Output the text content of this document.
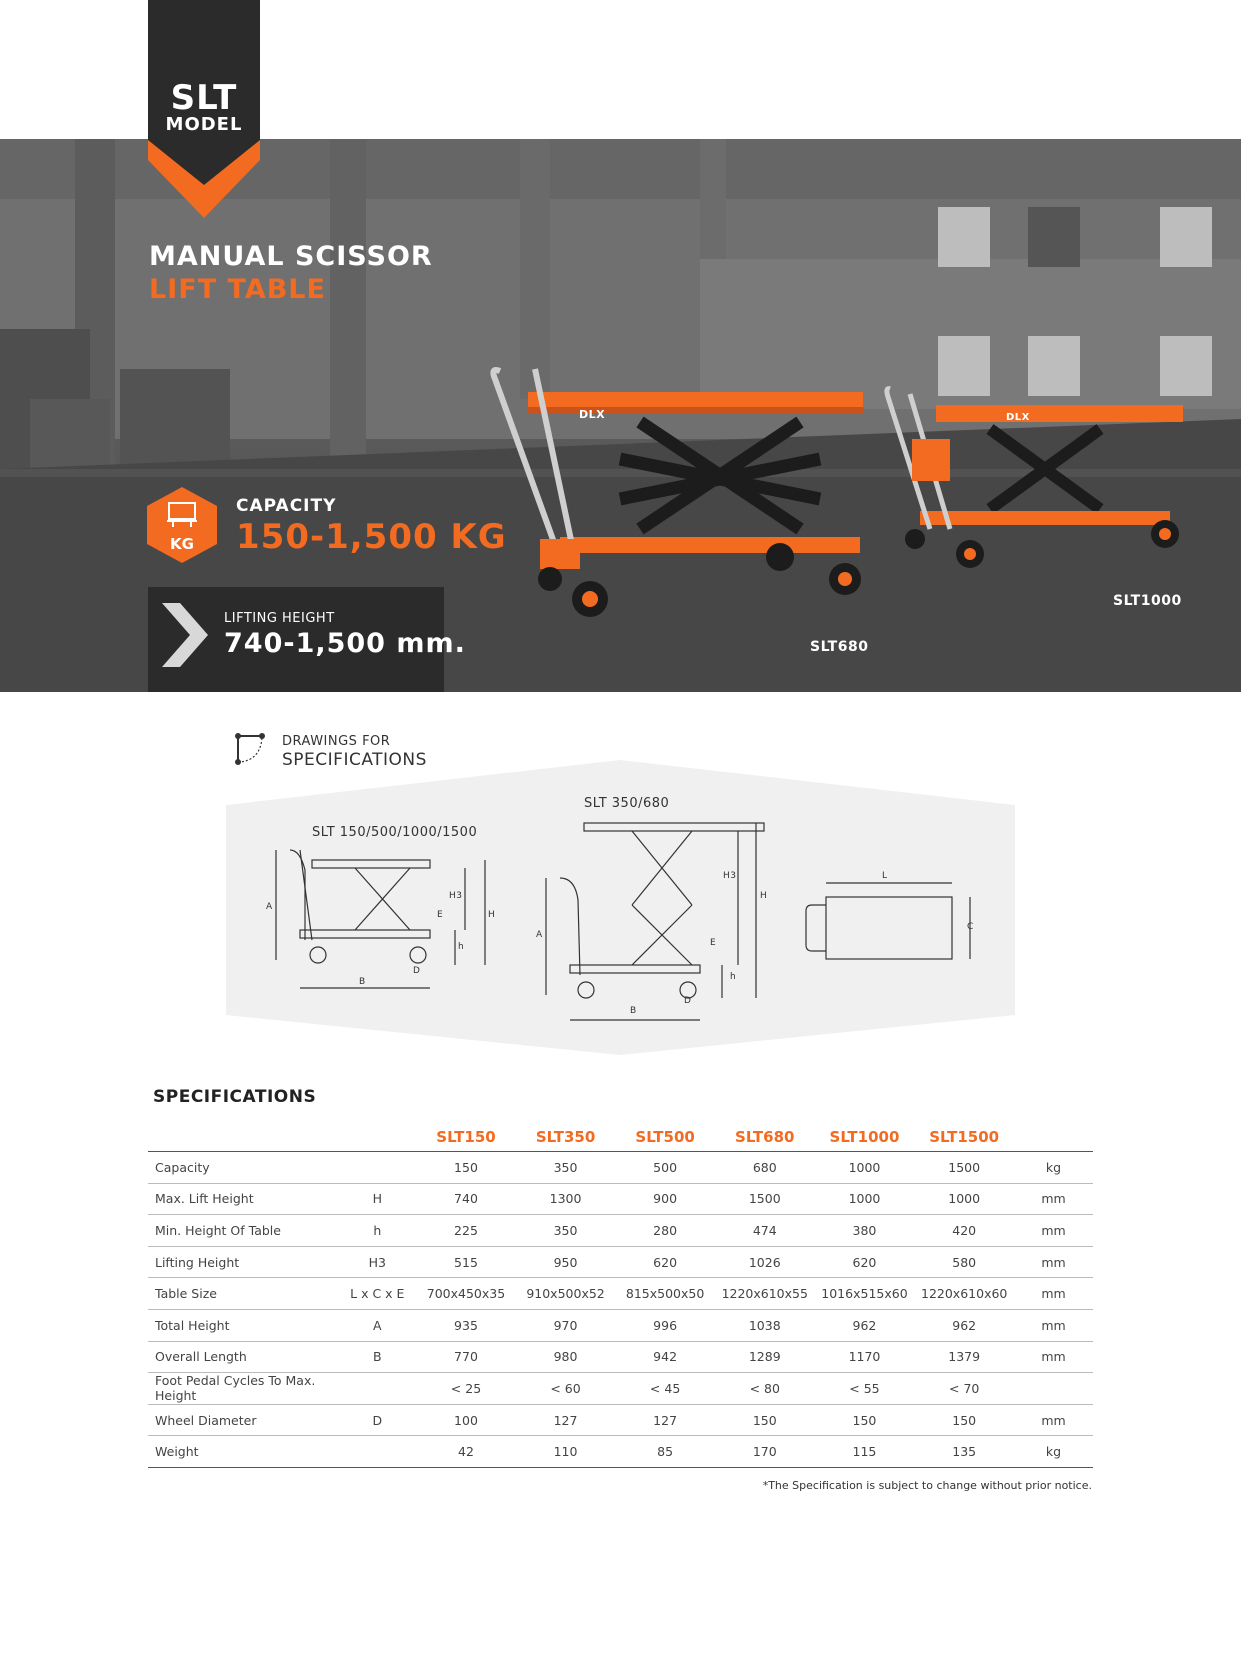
DLX	DLX
SLT
MODEL
MANUAL SCISSOR
LIFT TABLE
KG
CAPACITY
150-1,500 KG
LIFTING HEIGHT
740-1,500 mm.	SLT680
SLT1000
DRAWINGS FOR
SPECIFICATIONS
SLT 150/500/1000/1500
SLT 350/680
A
B
D
E
H3
H
h
A
B
D
E
H3
H
h
L
C
SPECIFICATIONS
		SLT150	SLT350	SLT500	SLT680	SLT1000	SLT1500	
Capacity		150	350	500	680	1000	1500	kg
Max. Lift Height	H	740	1300	900	1500	1000	1000	mm
Min. Height Of Table	h	225	350	280	474	380	420	mm
Lifting Height	H3	515	950	620	1026	620	580	mm
Table Size	L x C x E	700x450x35	910x500x52	815x500x50	1220x610x55	1016x515x60	1220x610x60	mm
Total Height	A	935	970	996	1038	962	962	mm
Overall Length	B	770	980	942	1289	1170	1379	mm
Foot Pedal Cycles To Max. Height		< 25	< 60	< 45	< 80	< 55	< 70	
Wheel Diameter	D	100	127	127	150	150	150	mm
Weight		42	110	85	170	115	135	kg
*The Specification is subject to change without prior notice.
